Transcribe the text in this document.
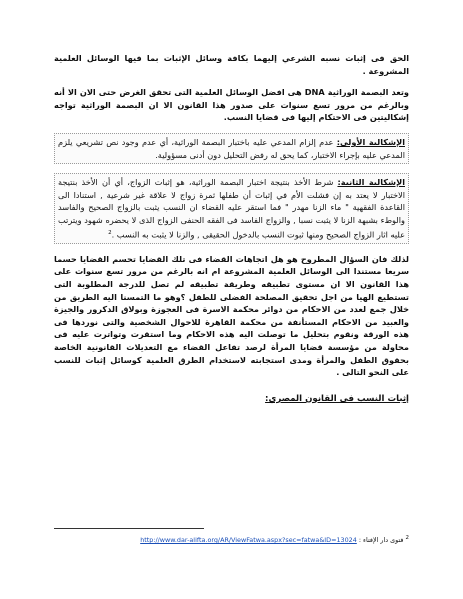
الحق فى إثبات نسبه الشرعي إليهما بكافة وسائل الإثبات بما فيها الوسائل العلمية المشروعة .

وتعد البصمة الوراثية DNA هى افضل الوسائل العلمية التى تحقق الغرض حتى الان الا أنه وبالرغم من مرور تسع سنوات على صدور هذا القانون الا ان البصمة الوراثية تواجه إشكاليتين فى الاحتكام إليها فى قضايا النسب.

الإشكالية الأولى: عدم إلزام المدعي عليه باختبار البصمة الوراثية، أي عدم وجود نص تشريعي يلزم المدعي عليه بإجراء الاختبار، كما يحق له رفض التحليل دون أدنى مسؤولية.

الإشكالية الثانية: شرط الأخذ بنتيجة اختبار البصمة الوراثية، هو إثبات الزواج، أي أن الأخذ بنتيجة الاختبار لا يعتد به إن فشلت الأم في إثبات أن طفلها ثمرة زواج لا علاقة غير شرعية , استنادا الى القاعدة الفقهية " ماء الزنا مهدر " فما استقر عليه القضاء ان النسب يثبت بالزواج الصحيح والفاسد والوطء بشبهة الزنا لا يثبت نسبا , والزواج الفاسد فى الفقه الحنفى الزواج الذى لا يحضره شهود ويترتب عليه اثار الزواج الصحيح ومنها ثبوت النسب بالدخول الحقيقى , والزنا لا يثبت به النسب .$^2$

لذلك فان السؤال المطروح هو هل اتجاهات القضاء فى تلك القضايا تحسم القضايا حسما سريعا مستندا الى الوسائل العلمية المشروعة ام انه بالرغم من مرور تسع سنوات على هذا القانون الا ان مستوى تطبيقه وطريقة تطبيقه لم تصل للدرجة المطلوبة التى تستطيع الهيا من اجل تحقيق المصلحة الفضلى للطفل ؟وهو ما التمسنا اليه الطريق من خلال جمع لعدد من الاحكام من دوائر محكمة الاسرة فى العجوزة وبولاق الدكرور والجيزة والعبيد من الاحكام المستأنفة من محكمة القاهرة للاحوال الشخصية والتى نوردها فى هذه الورقة ونقوم بتحليل ما توصلت اليه هذه الاحكام وما استقرت وتواترت عليه فى محاولة من مؤسسة قضايا المرأة لرصد تفاعل القضاء مع التعديلات القانونية الخاصة بحقوق الطفل والمرأة ومدى استجابته لاستخدام الطرق العلمية كوسائل إثبات للنسب على النحو التالى .

إثبات النسب فى القانون المصري:

$^2$ فتوى دار الإفتاء : http://www.dar-alifta.org/AR/ViewFatwa.aspx?sec=fatwa&ID=13024
